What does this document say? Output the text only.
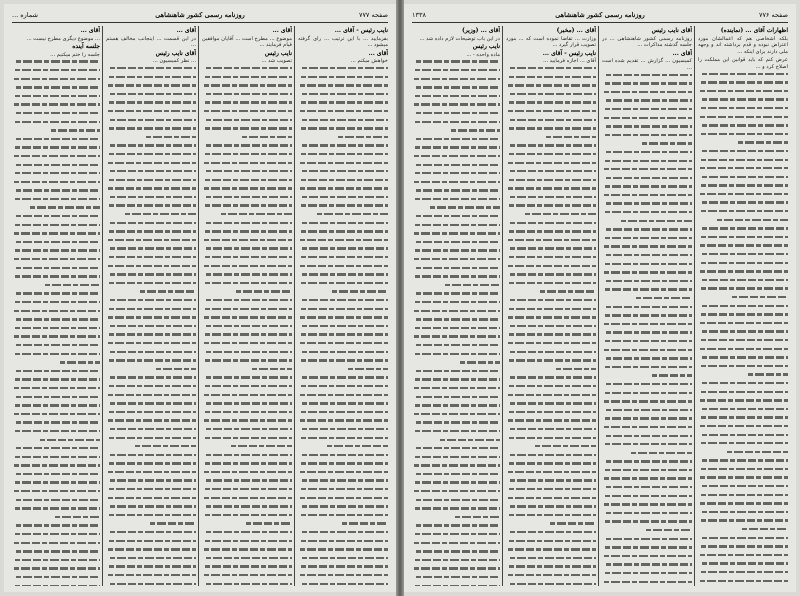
صفحه ۷۷۷
روزنامه رسمی کشور شاهنشاهی
شماره ...
نایب رئیس - آقای ...

بفرمایید ... با این ترتیب ... رای گرفته میشود ...

آقای ...

خواهش میکنم ...

آقای ...

موضوع ... مطرح است ... آقایان موافقین قیام فرمایند ...

نایب رئیس

تصویب شد ...

آقای ...

در این قسمت ... اینجانب مخالف هستم ...

آقای نایب رئیس

... نظر کمیسیون ...

آقای ...

... موضوع دیگری مطرح نیست ...

جلسه آینده

جلسه را ختم میکنیم ...

صفحه ۷۷۶
روزنامه رسمی کشور شاهنشاهی
۱۳۳۸
اظهارات آقای ... (نماینده)

بلکه اشخاصی هم که اعمالشان مورد اعتراض نبوده و قدم برداشته اند و وجهه ملی دارند برای اینکه ...

عرض کنم که باید قوانین این مملکت را اصلاح کرد و ...

آقای نایب رئیس

روزنامه رسمی کشور شاهنشاهی ... در جلسه گذشته مذاکرات ...

آقای ...

کمیسیون ... گزارش ... تقدیم شده است ...

آقای ... (مخبر)

وزارت ... تقاضا نموده است که ... مورد تصویب قرار گیرد ...

نایب رئیس - آقای ...

آقای ... اجازه فرمایید ...

آقای ... (وزیر)

در این باب توضیحات لازم داده شد ...

نایب رئیس

ماده واحده - ...
